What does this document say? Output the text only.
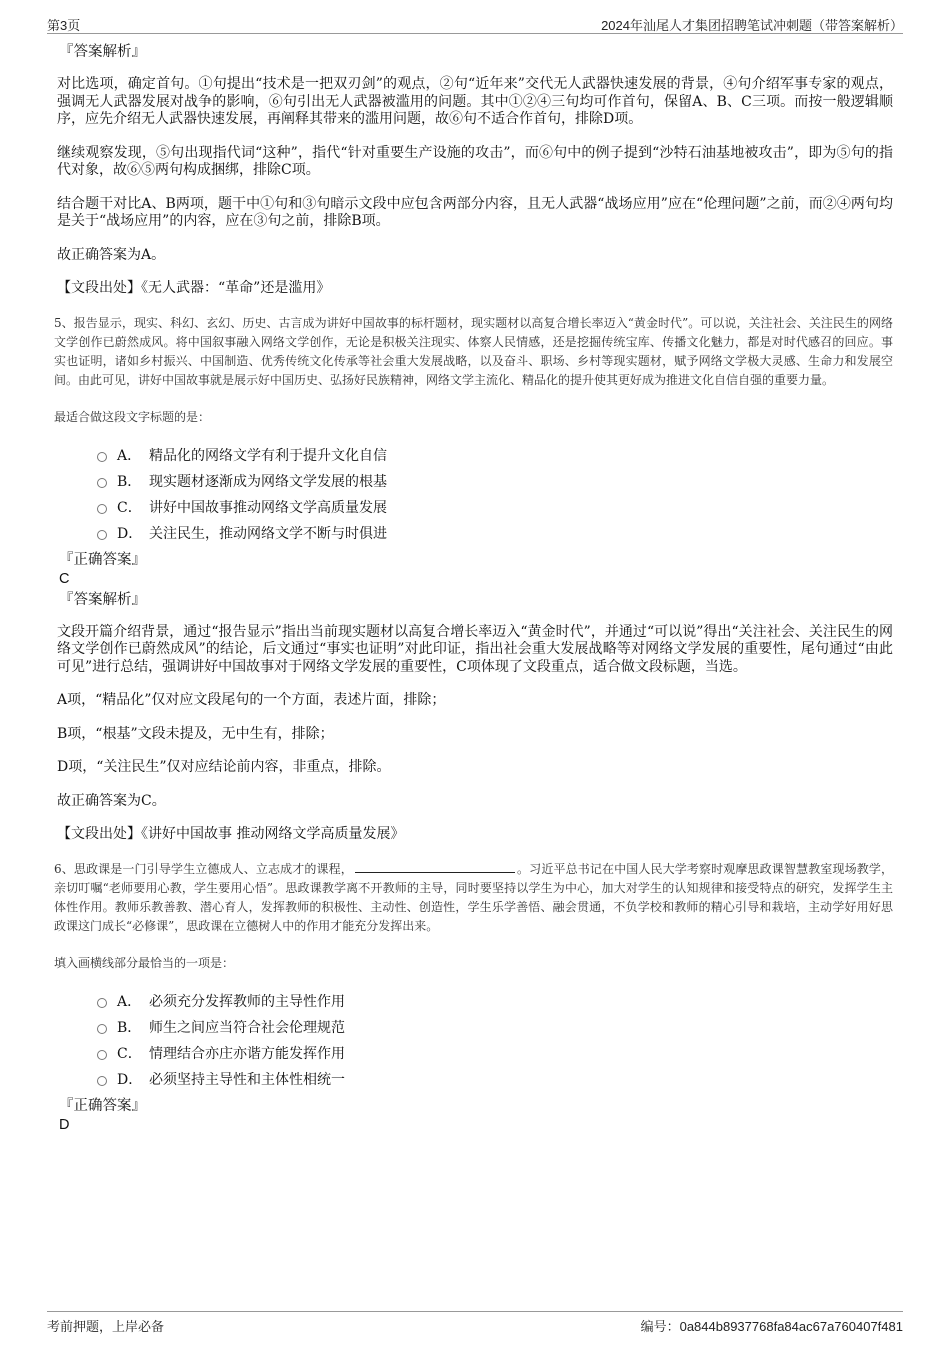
第3页	2024年汕尾人才集团招聘笔试冲刺题（带答案解析）
『答案解析』

对比选项，确定首句。①句提出“技术是一把双刃剑”的观点，②句“近年来”交代无人武器快速发展的背景，④句介绍军事专家的观点，强调无人武器发展对战争的影响，⑥句引出无人武器被滥用的问题。其中①②④三句均可作首句，保留A、B、C三项。而按一般逻辑顺序，应先介绍无人武器快速发展，再阐释其带来的滥用问题，故⑥句不适合作首句，排除D项。

继续观察发现，⑤句出现指代词“这种”，指代“针对重要生产设施的攻击”，而⑥句中的例子提到“沙特石油基地被攻击”，即为⑤句的指代对象，故⑥⑤两句构成捆绑，排除C项。

结合题干对比A、B两项，题干中①句和③句暗示文段中应包含两部分内容，且无人武器“战场应用”应在“伦理问题”之前，而②④两句均是关于“战场应用”的内容，应在③句之前，排除B项。

故正确答案为A。

【文段出处】《无人武器：“革命”还是滥用》

5、报告显示，现实、科幻、玄幻、历史、古言成为讲好中国故事的标杆题材，现实题材以高复合增长率迈入“黄金时代”。可以说，关注社会、关注民生的网络文学创作已蔚然成风。将中国叙事融入网络文学创作，无论是积极关注现实、体察人民情感，还是挖掘传统宝库、传播文化魅力，都是对时代感召的回应。事实也证明，诸如乡村振兴、中国制造、优秀传统文化传承等社会重大发展战略，以及奋斗、职场、乡村等现实题材，赋予网络文学极大灵感、生命力和发展空间。由此可见，讲好中国故事就是展示好中国历史、弘扬好民族精神，网络文学主流化、精品化的提升使其更好成为推进文化自信自强的重要力量。

最适合做这段文字标题的是：

A． 精品化的网络文学有利于提升文化自信
B． 现实题材逐渐成为网络文学发展的根基
C． 讲好中国故事推动网络文学高质量发展
D． 关注民生，推动网络文学不断与时俱进
『正确答案』
C
『答案解析』

文段开篇介绍背景，通过“报告显示”指出当前现实题材以高复合增长率迈入“黄金时代”，并通过“可以说”得出“关注社会、关注民生的网络文学创作已蔚然成风”的结论，后文通过“事实也证明”对此印证，指出社会重大发展战略等对网络文学发展的重要性，尾句通过“由此可见”进行总结，强调讲好中国故事对于网络文学发展的重要性，C项体现了文段重点，适合做文段标题，当选。

A项，“精品化”仅对应文段尾句的一个方面，表述片面，排除；

B项，“根基”文段未提及，无中生有，排除；

D项，“关注民生”仅对应结论前内容，非重点，排除。

故正确答案为C。

【文段出处】《讲好中国故事 推动网络文学高质量发展》

6、思政课是一门引导学生立德成人、立志成才的课程，	。习近平总书记在中国人民大学考察时观摩思政课智慧教室现场教学，亲切叮嘱“老师要用心教，学生要用心悟”。思政课教学离不开教师的主导，同时要坚持以学生为中心，加大对学生的认知规律和接受特点的研究，发挥学生主体性作用。教师乐教善教、潜心育人，发挥教师的积极性、主动性、创造性，学生乐学善悟、融会贯通，不负学校和教师的精心引导和栽培，主动学好用好思政课这门成长“必修课”，思政课在立德树人中的作用才能充分发挥出来。

填入画横线部分最恰当的一项是：

A． 必须充分发挥教师的主导性作用
B． 师生之间应当符合社会伦理规范
C． 情理结合亦庄亦谐方能发挥作用
D． 必须坚持主导性和主体性相统一
『正确答案』
D
考前押题，上岸必备	编号：0a844b8937768fa84ac67a760407f481
